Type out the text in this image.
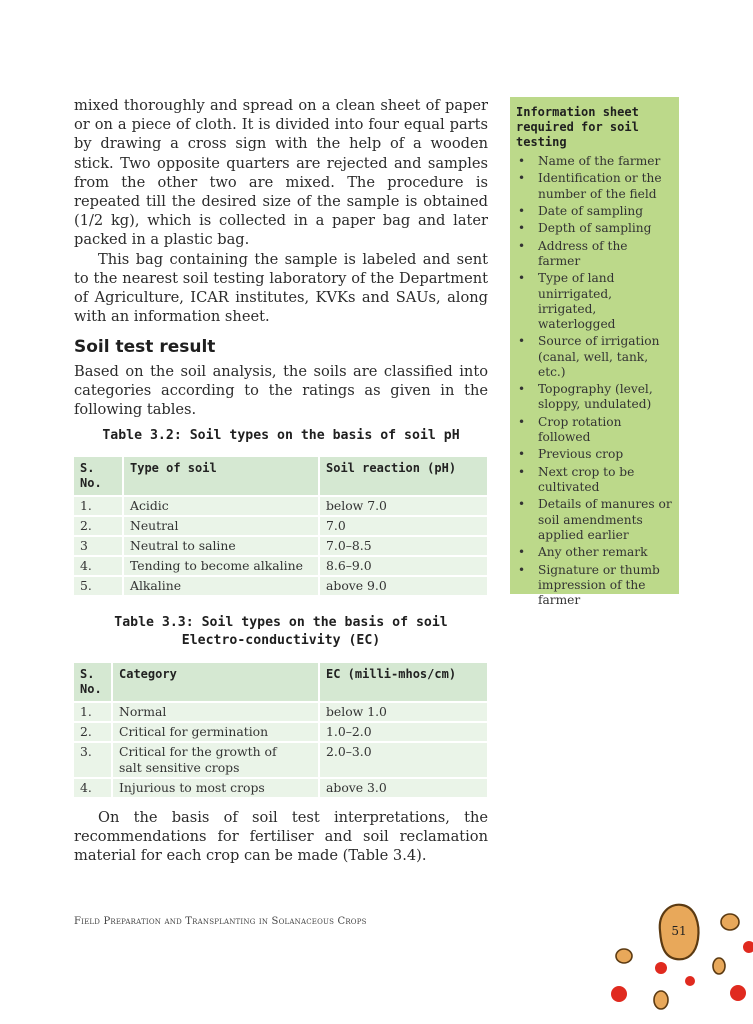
mixed thoroughly and spread on a clean sheet of paper or on a piece of cloth. It is divided into four equal parts by drawing a cross sign with the help of a wooden stick. Two opposite quarters are rejected and samples from the other two are mixed. The procedure is repeated till the desired size of the sample is obtained (1/2 kg), which is collected in a paper bag and later packed in a plastic bag.

This bag containing the sample is labeled and sent to the nearest soil testing laboratory of the Department of Agriculture, ICAR institutes, KVKs and SAUs, along with an information sheet.

Soil test result

Based on the soil analysis, the soils are classified into categories according to the ratings as given in the following tables.

Table 3.2: Soil types on the basis of soil pH
S. No.	Type of soil	Soil reaction (pH)
1.	Acidic	below 7.0
2.	Neutral	7.0
3	Neutral to saline	7.0–8.5
4.	Tending to become alkaline	8.6–9.0
5.	Alkaline	above 9.0
Table 3.3: Soil types on the basis of soil
Electro-conductivity (EC)
S. No.	Category	EC (milli-mhos/cm)
1.	Normal	below 1.0
2.	Critical for germination	1.0–2.0
3.	Critical for the growth of salt sensitive crops	2.0–3.0
4.	Injurious to most crops	above 3.0

On the basis of soil test interpretations, the recommendations for fertiliser and soil reclamation material for each crop can be made (Table 3.4).

Information sheet required for soil testing
• Name of the farmer
• Identification or the number of the field
• Date of sampling
• Depth of sampling
• Address of the farmer
• Type of land unirrigated, irrigated, waterlogged
• Source of irrigation (canal, well, tank, etc.)
• Topography (level, sloppy, undulated)
• Crop rotation followed
• Previous crop
• Next crop to be cultivated
• Details of manures or soil amendments applied earlier
• Any other remark
• Signature or thumb impression of the farmer
Field Preparation and Transplanting in Solanaceous Crops
51
